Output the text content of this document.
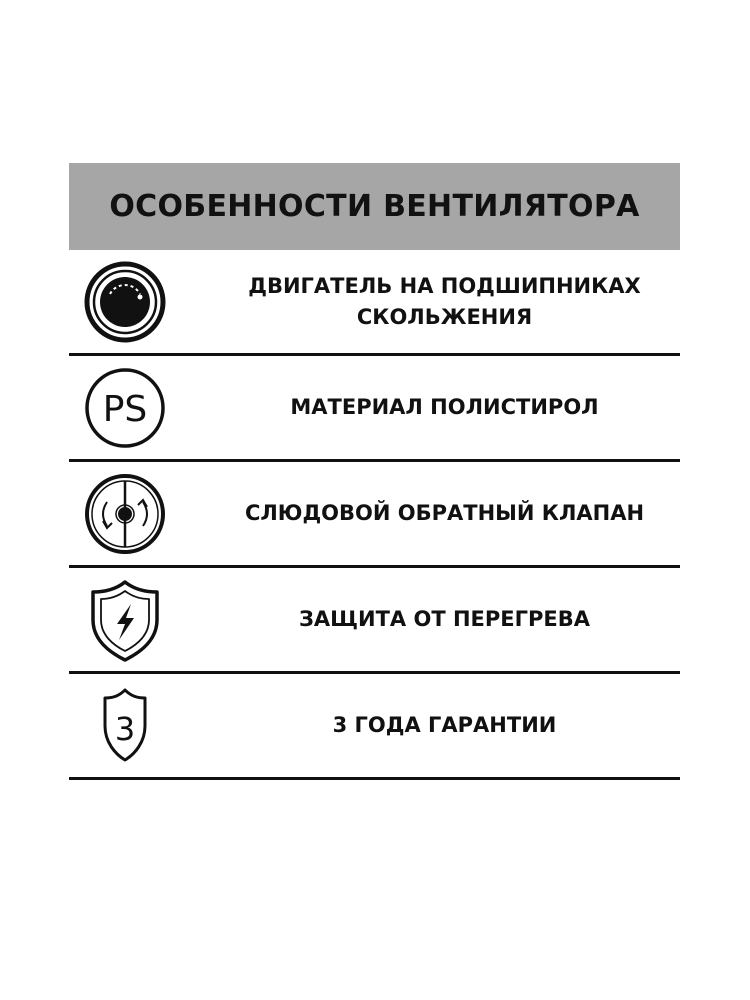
ОСОБЕННОСТИ ВЕНТИЛЯТОРА
ДВИГАТЕЛЬ НА ПОДШИПНИКАХ
СКОЛЬЖЕНИЯ
PS	МАТЕРИАЛ ПОЛИСТИРОЛ
СЛЮДОВОЙ ОБРАТНЫЙ КЛАПАН
ЗАЩИТА ОТ ПЕРЕГРЕВА
3	3 ГОДА ГАРАНТИИ
